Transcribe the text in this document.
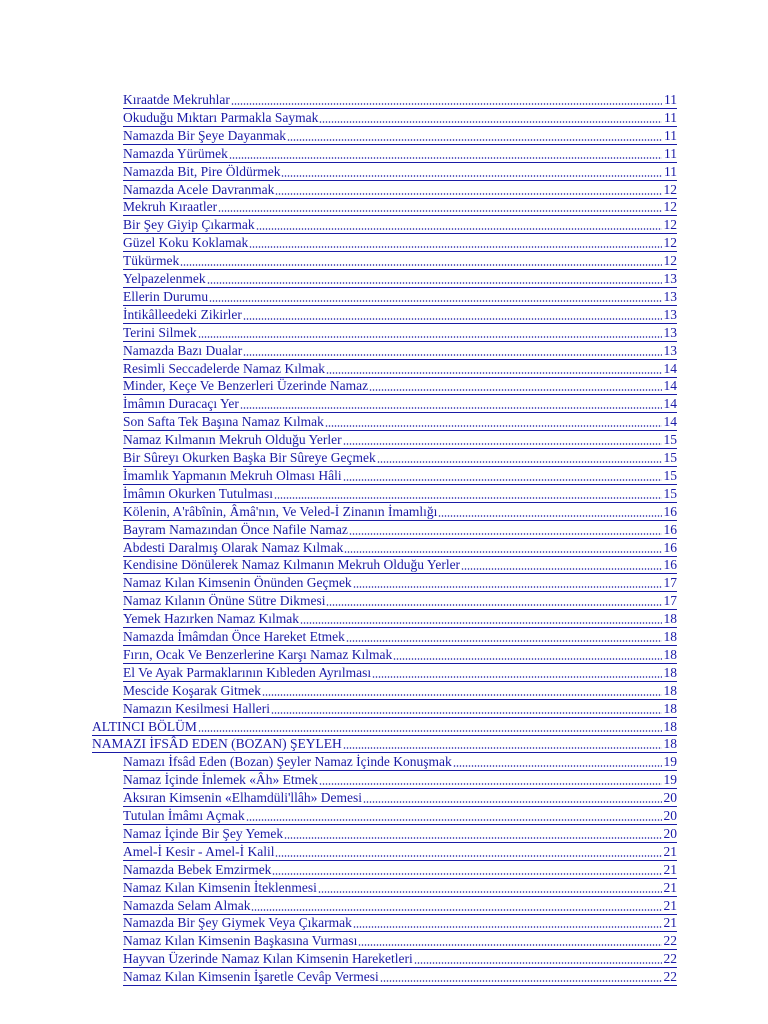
Kıraatde Mekruhlar	11
Okuduğu Mıktarı Parmakla Saymak	11
Namazda Bir Şeye Dayanmak	11
Namazda Yürümek	11
Namazda Bit, Pire Öldürmek	11
Namazda Acele Davranmak	12
Mekruh Kıraatler	12
Bir Şey Giyip Çıkarmak	12
Güzel Koku Koklamak	12
Tükürmek	12
Yelpazelenmek	13
Ellerin Durumu	13
İntikâlleedeki Zikirler	13
Terini Silmek	13
Namazda Bazı Dualar	13
Resimli Seccadelerde Namaz Kılmak	14
Minder, Keçe Ve Benzerleri Üzerinde Namaz	14
İmâmın Duracaçı Yer	14
Son Safta Tek Başına Namaz Kılmak	14
Namaz Kılmanın Mekruh Olduğu Yerler	15
Bir Sûreyı Okurken Başka Bir Sûreye Geçmek	15
İmamlık Yapmanın Mekruh Olması Hâli	15
İmâmın Okurken Tutulması	15
Kölenin, A'râbînin, Âmâ'nın, Ve Veled-İ Zinanın İmamlığı	16
Bayram Namazından Önce Nafile Namaz	16
Abdesti Daralmış Olarak Namaz Kılmak	16
Kendisine Dönülerek Namaz Kılmanın Mekruh Olduğu Yerler	16
Namaz Kılan Kimsenin Önünden Geçmek	17
Namaz Kılanın Önüne Sütre Dikmesi	17
Yemek Hazırken Namaz Kılmak	18
Namazda İmâmdan Önce Hareket Etmek	18
Fırın, Ocak Ve Benzerlerine Karşı Namaz Kılmak	18
El Ve Ayak Parmaklarının Kıbleden Ayrılması	18
Mescide Koşarak Gitmek	18
Namazın Kesilmesi Halleri	18
ALTINCI BÖLÜM	18
NAMAZI İFSÂD EDEN (BOZAN) ŞEYLEH	18
Namazı İfsâd Eden (Bozan) Şeyler Namaz İçinde Konuşmak	19
Namaz İçinde İnlemek «Âh» Etmek	19
Aksıran Kimsenin «Elhamdüli'llâh» Demesi	20
Tutulan İmâmı Açmak	20
Namaz İçinde Bir Şey Yemek	20
Amel-İ Kesir - Amel-İ Kalil	21
Namazda Bebek Emzirmek	21
Namaz Kılan Kimsenin İteklenmesi	21
Namazda Selam Almak	21
Namazda Bir Şey Giymek Veya Çıkarmak	21
Namaz Kılan Kimsenin Başkasına Vurması	22
Hayvan Üzerinde Namaz Kılan Kimsenin Hareketleri	22
Namaz Kılan Kimsenin İşaretle Cevâp Vermesi	22
